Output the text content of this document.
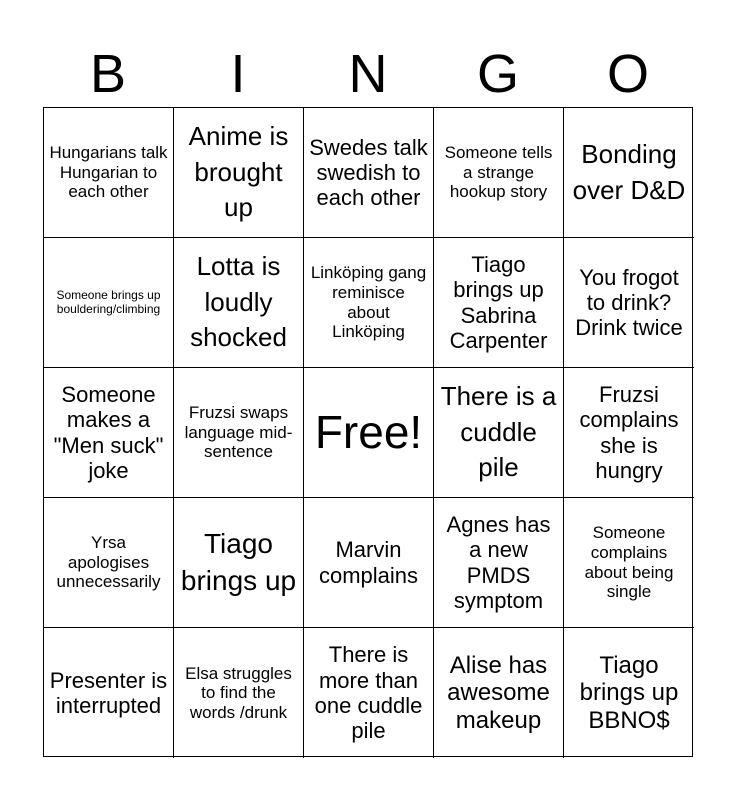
B	I	N	G	O
Hungarians talk Hungarian to each other
Anime is brought up
Swedes talk swedish to each other
Someone tells a strange hookup story
Bonding over D&D
Someone brings up bouldering/climbing
Lotta is loudly shocked
Linköping gang reminisce about Linköping
Tiago brings up Sabrina Carpenter
You frogot to drink? Drink twice
Someone makes a "Men suck" joke
Fruzsi swaps language mid-sentence Free!
There is a cuddle pile
Fruzsi complains she is hungry
Yrsa apologises unnecessarily
Tiago brings up
Marvin complains
Agnes has a new PMDS symptom
Someone complains about being single
Presenter is interrupted
Elsa struggles to find the words /drunk
There is more than one cuddle pile
Alise has awesome makeup
Tiago brings up BBNO$
